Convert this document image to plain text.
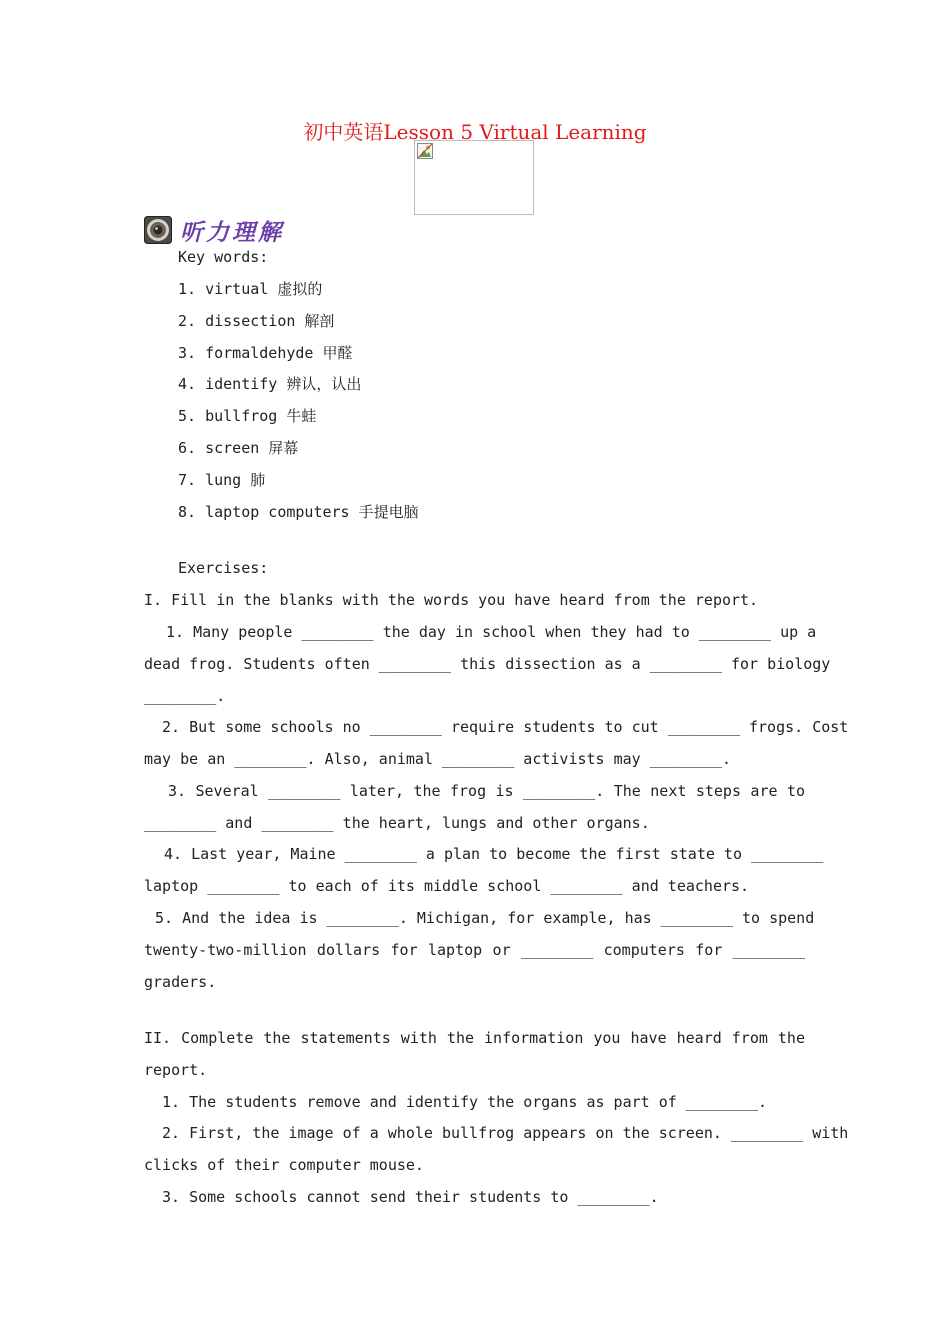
初中英语Lesson 5 Virtual Learning
听力理解
Key words:
1. virtual 虚拟的
2. dissection 解剖
3. formaldehyde 甲醛
4. identify 辨认，认出
5. bullfrog 牛蛙
6. screen 屏幕
7. lung 肺
8. laptop computers 手提电脑
Exercises:
I. Fill in the blanks with the words you have heard from the report.
1. Many people ________ the day in school when they had to ________ up a
dead frog. Students often ________ this dissection as a ________ for biology
________.
2. But some schools no ________ require students to cut ________ frogs. Cost
may be an ________. Also, animal ________ activists may ________.
3. Several ________ later, the frog is ________. The next steps are to
________ and ________ the heart, lungs and other organs.
4. Last year, Maine ________ a plan to become the first state to ________
laptop ________ to each of its middle school ________ and teachers.
5. And the idea is ________. Michigan, for example, has ________ to spend
twenty-two-million dollars for laptop or ________ computers for ________
graders.
II. Complete the statements with the information you have heard from the
report.
1. The students remove and identify the organs as part of ________.
2. First, the image of a whole bullfrog appears on the screen. ________ with
clicks of their computer mouse.
3. Some schools cannot send their students to ________.
